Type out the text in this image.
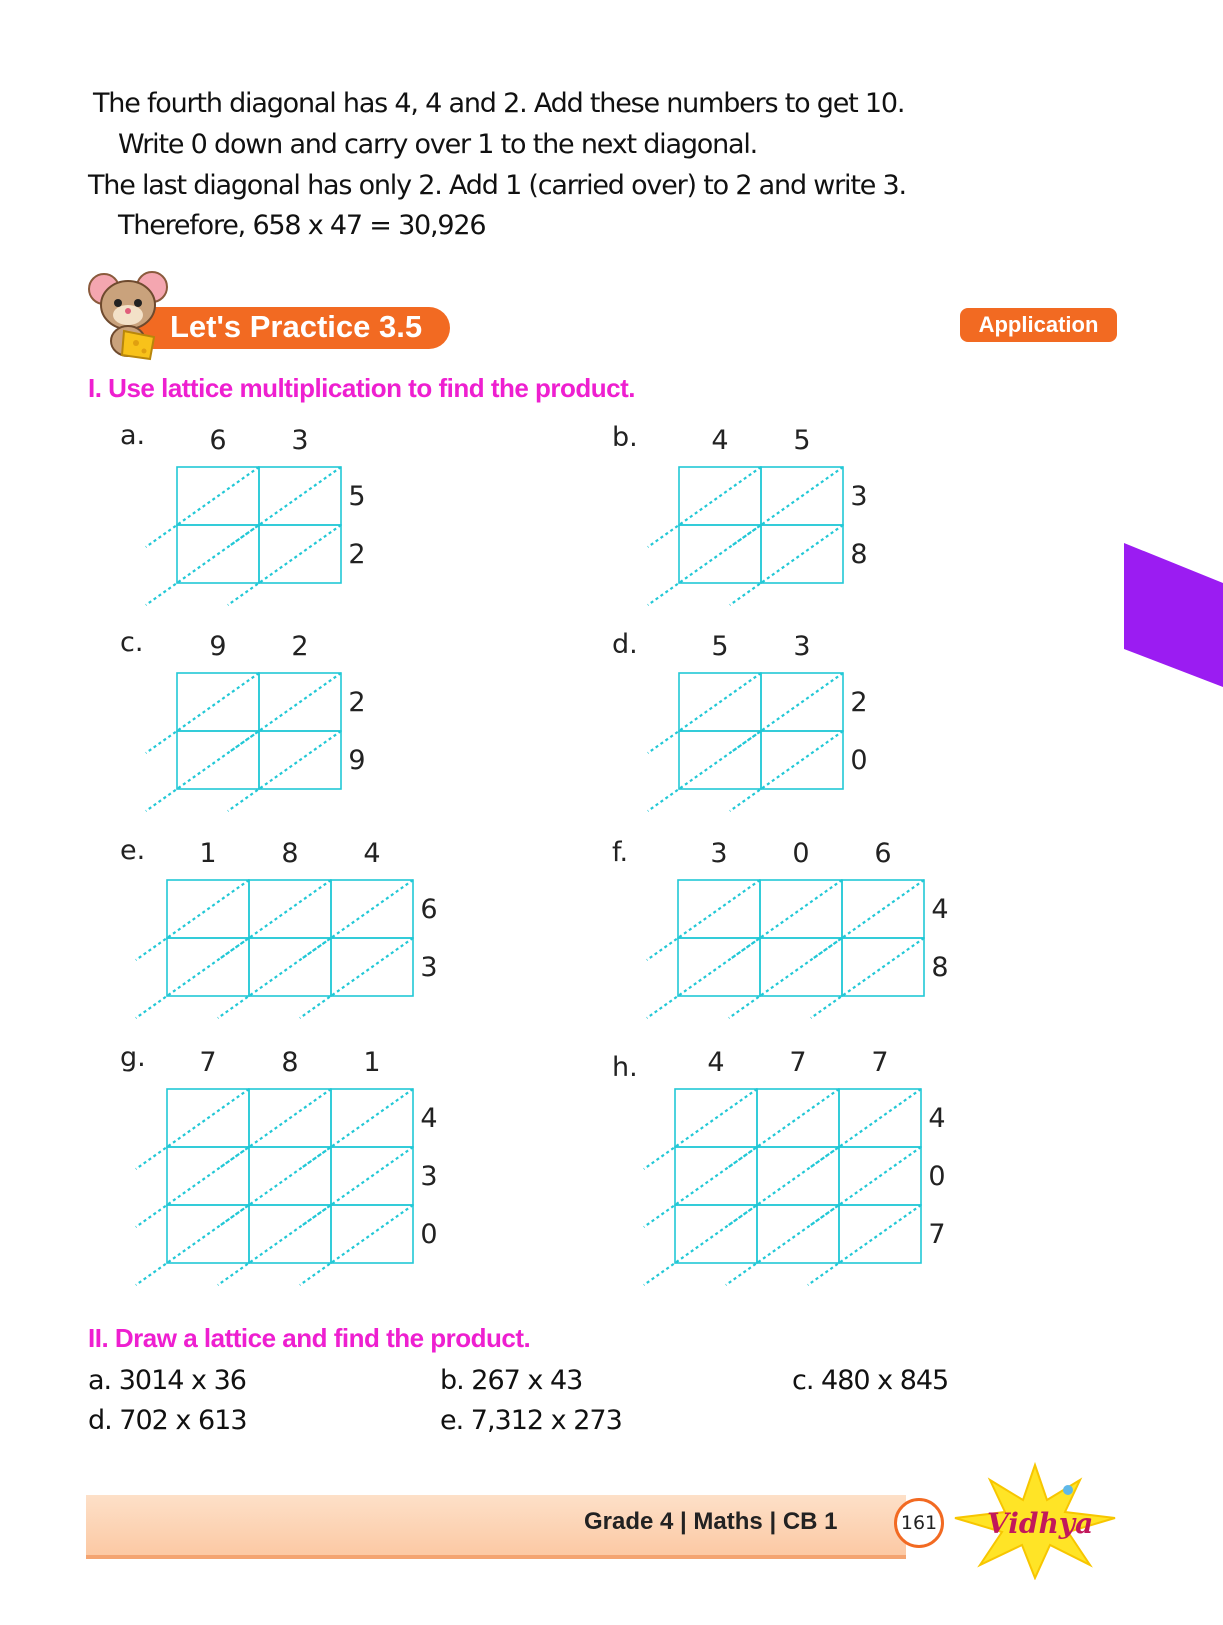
The fourth diagonal has 4, 4 and 2. Add these numbers to get 10.
Write 0 down and carry over 1 to the next diagonal.
The last diagonal has only 2. Add 1 (carried over) to 2 and write 3.
Therefore, 658 x 47 = 30,926
Let's Practice 3.5	Application
I. Use lattice multiplication to find the product.
a. 6 3
5
2
b.	4 5
3
8
c. 9 2
2
9
d.	5 3
2
0
e. 1 8 4
6
3
f.	3 0 6
4
8
g. 7 8 1
4
3
0
h.	4 7 7
4
0
7
II. Draw a lattice and find the product.
a. 3014 x 36	b. 267 x 43	c. 480 x 845
d. 702 x 613	e. 7,312 x 273
Grade 4 | Maths | CB 1	161 Vidhya
